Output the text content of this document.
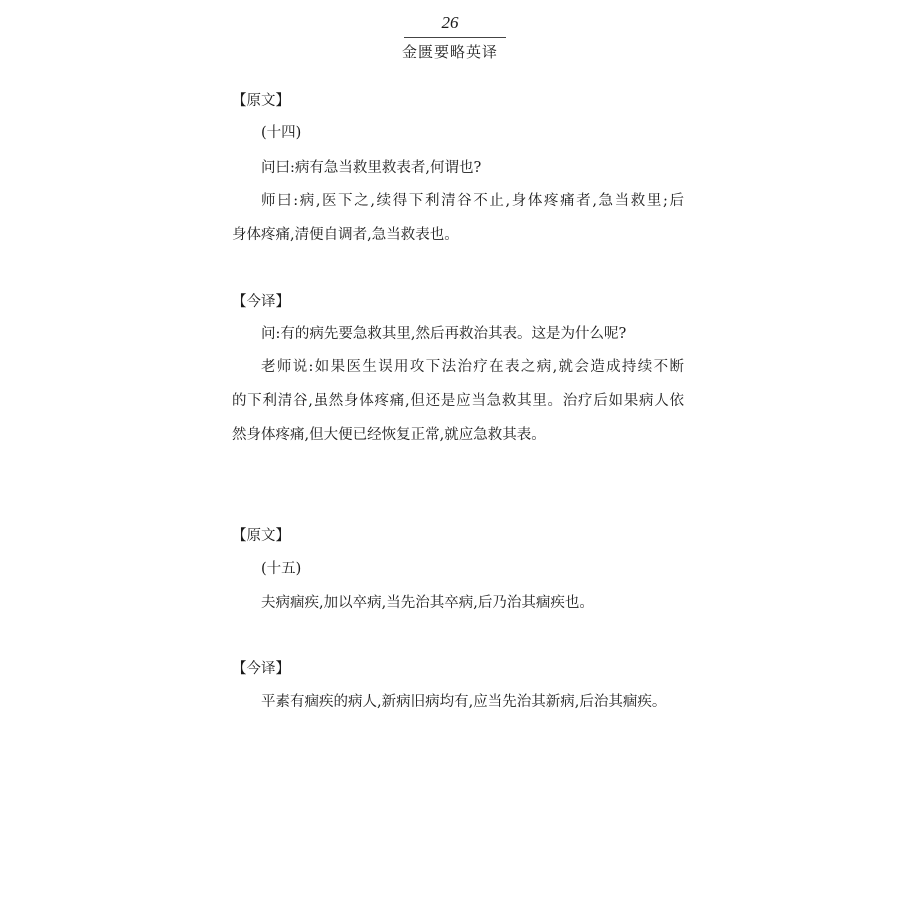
26
金匮要略英译
【原文】
(十四)
问曰:病有急当救里救表者,何谓也?
师曰:病,医下之,续得下利清谷不止,身体疼痛者,急当救里;后
身体疼痛,清便自调者,急当救表也。
【今译】
问:有的病先要急救其里,然后再救治其表。这是为什么呢?
老师说:如果医生误用攻下法治疗在表之病,就会造成持续不断
的下利清谷,虽然身体疼痛,但还是应当急救其里。治疗后如果病人依
然身体疼痛,但大便已经恢复正常,就应急救其表。
【原文】
(十五)
夫病痼疾,加以卒病,当先治其卒病,后乃治其痼疾也。
【今译】
平素有痼疾的病人,新病旧病均有,应当先治其新病,后治其痼疾。
